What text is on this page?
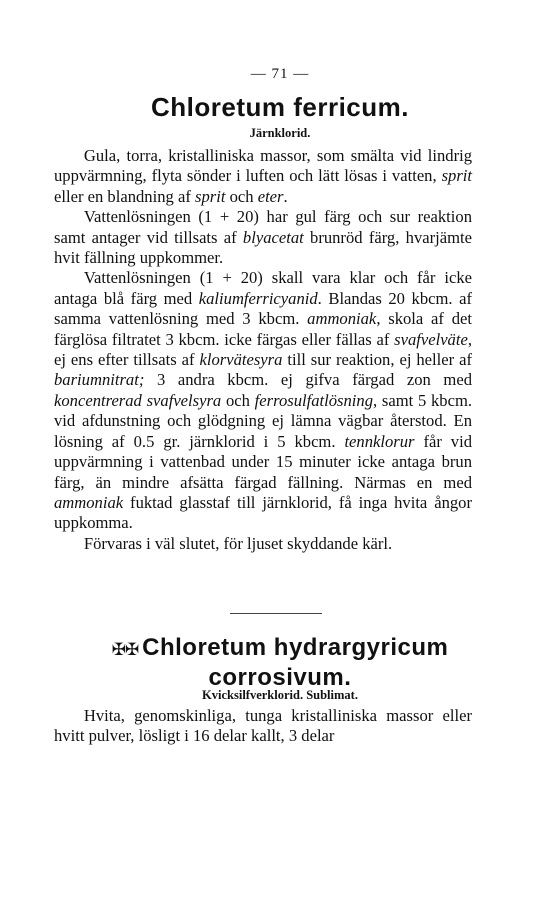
— 71 —
Chloretum ferricum.
Järnklorid.

Gula, torra, kristalliniska massor, som smälta vid lindrig uppvärmning, flyta sönder i luften och lätt lösas i vatten, sprit eller en blandning af sprit och eter.

Vattenlösningen (1 + 20) har gul färg och sur reaktion samt antager vid tillsats af blyacetat brunröd färg, hvarjämte hvit fällning uppkommer.

Vattenlösningen (1 + 20) skall vara klar och får icke antaga blå färg med kaliumferricyanid. Blandas 20 kbcm. af samma vattenlösning med 3 kbcm. ammoniak, skola af det färglösa filtratet 3 kbcm. icke färgas eller fällas af svafvelväte, ej ens efter tillsats af klorvätesyra till sur reaktion, ej heller af bariumnitrat; 3 andra kbcm. ej gifva färgad zon med koncentrerad svafvelsyra och ferrosulfatlösning, samt 5 kbcm. vid afdunstning och glödgning ej lämna vägbar återstod. En lösning af 0.5 gr. järnklorid i 5 kbcm. tennklorur får vid uppvärmning i vattenbad under 15 minuter icke antaga brun färg, än mindre afsätta färgad fällning. Närmas en med ammoniak fuktad glasstaf till järnklorid, få inga hvita ångor uppkomma.

Förvaras i väl slutet, för ljuset skyddande kärl.

✠✠ Chloretum hydrargyricum
corrosivum.
Kvicksilfverklorid. Sublimat.

Hvita, genomskinliga, tunga kristalliniska massor eller hvitt pulver, lösligt i 16 delar kallt, 3 delar
